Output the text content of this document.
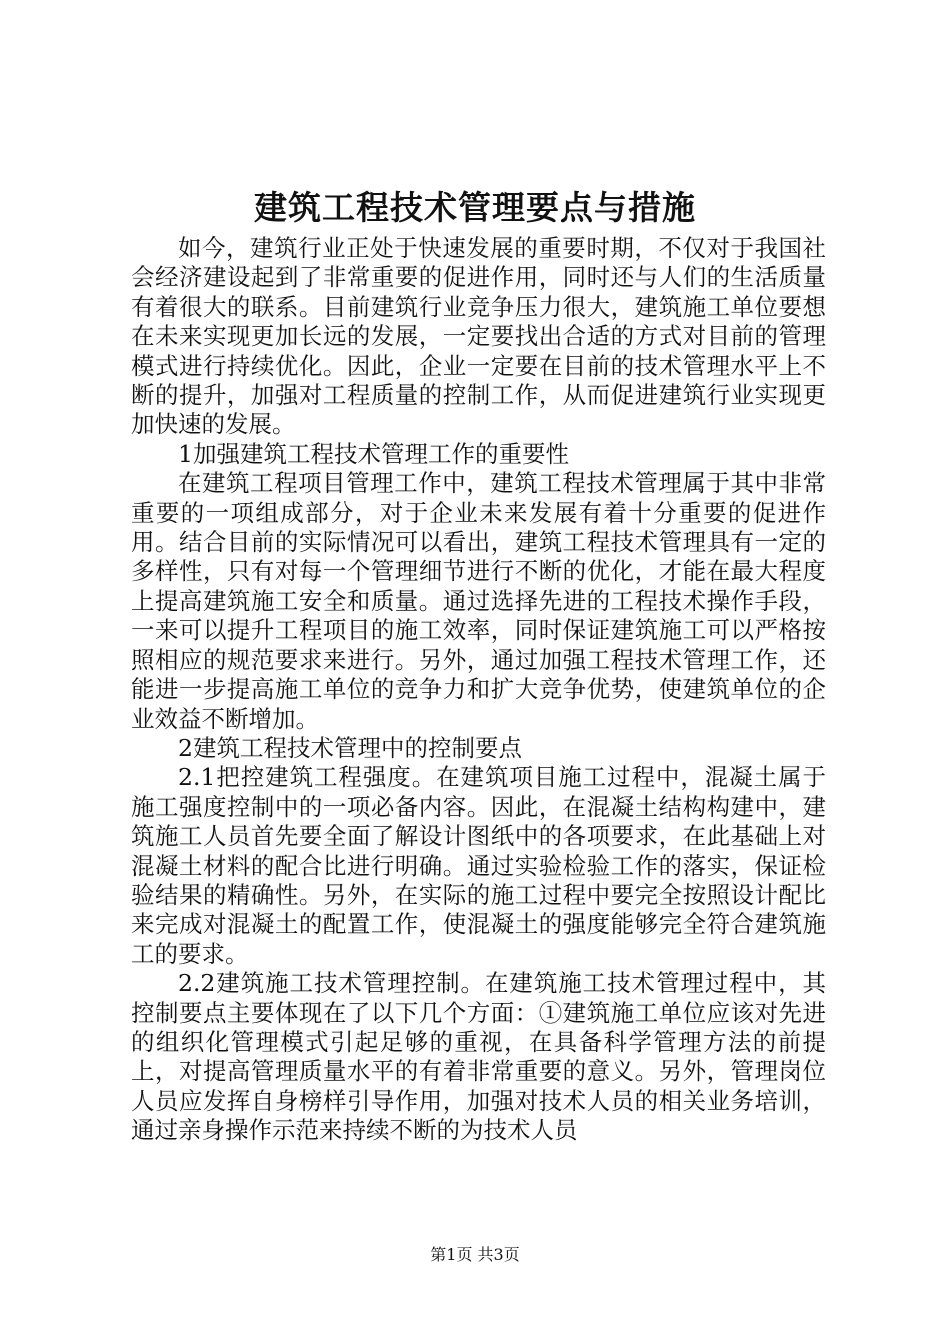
建筑工程技术管理要点与措施

如今，建筑行业正处于快速发展的重要时期，不仅对于我国社会经济建设起到了非常重要的促进作用，同时还与人们的生活质量有着很大的联系。目前建筑行业竞争压力很大，建筑施工单位要想在未来实现更加长远的发展，一定要找出合适的方式对目前的管理模式进行持续优化。因此，企业一定要在目前的技术管理水平上不断的提升，加强对工程质量的控制工作，从而促进建筑行业实现更加快速的发展。

1加强建筑工程技术管理工作的重要性

在建筑工程项目管理工作中，建筑工程技术管理属于其中非常重要的一项组成部分，对于企业未来发展有着十分重要的促进作用。结合目前的实际情况可以看出，建筑工程技术管理具有一定的多样性，只有对每一个管理细节进行不断的优化，才能在最大程度上提高建筑施工安全和质量。通过选择先进的工程技术操作手段，一来可以提升工程项目的施工效率，同时保证建筑施工可以严格按照相应的规范要求来进行。另外，通过加强工程技术管理工作，还能进一步提高施工单位的竞争力和扩大竞争优势，使建筑单位的企业效益不断增加。

2建筑工程技术管理中的控制要点

2.1把控建筑工程强度。在建筑项目施工过程中，混凝土属于施工强度控制中的一项必备内容。因此，在混凝土结构构建中，建筑施工人员首先要全面了解设计图纸中的各项要求，在此基础上对混凝土材料的配合比进行明确。通过实验检验工作的落实，保证检验结果的精确性。另外，在实际的施工过程中要完全按照设计配比来完成对混凝土的配置工作，使混凝土的强度能够完全符合建筑施工的要求。

2.2建筑施工技术管理控制。在建筑施工技术管理过程中，其控制要点主要体现在了以下几个方面：①建筑施工单位应该对先进的组织化管理模式引起足够的重视，在具备科学管理方法的前提上，对提高管理质量水平的有着非常重要的意义。另外，管理岗位人员应发挥自身榜样引导作用，加强对技术人员的相关业务培训，通过亲身操作示范来持续不断的为技术人员

第1页 共3页
